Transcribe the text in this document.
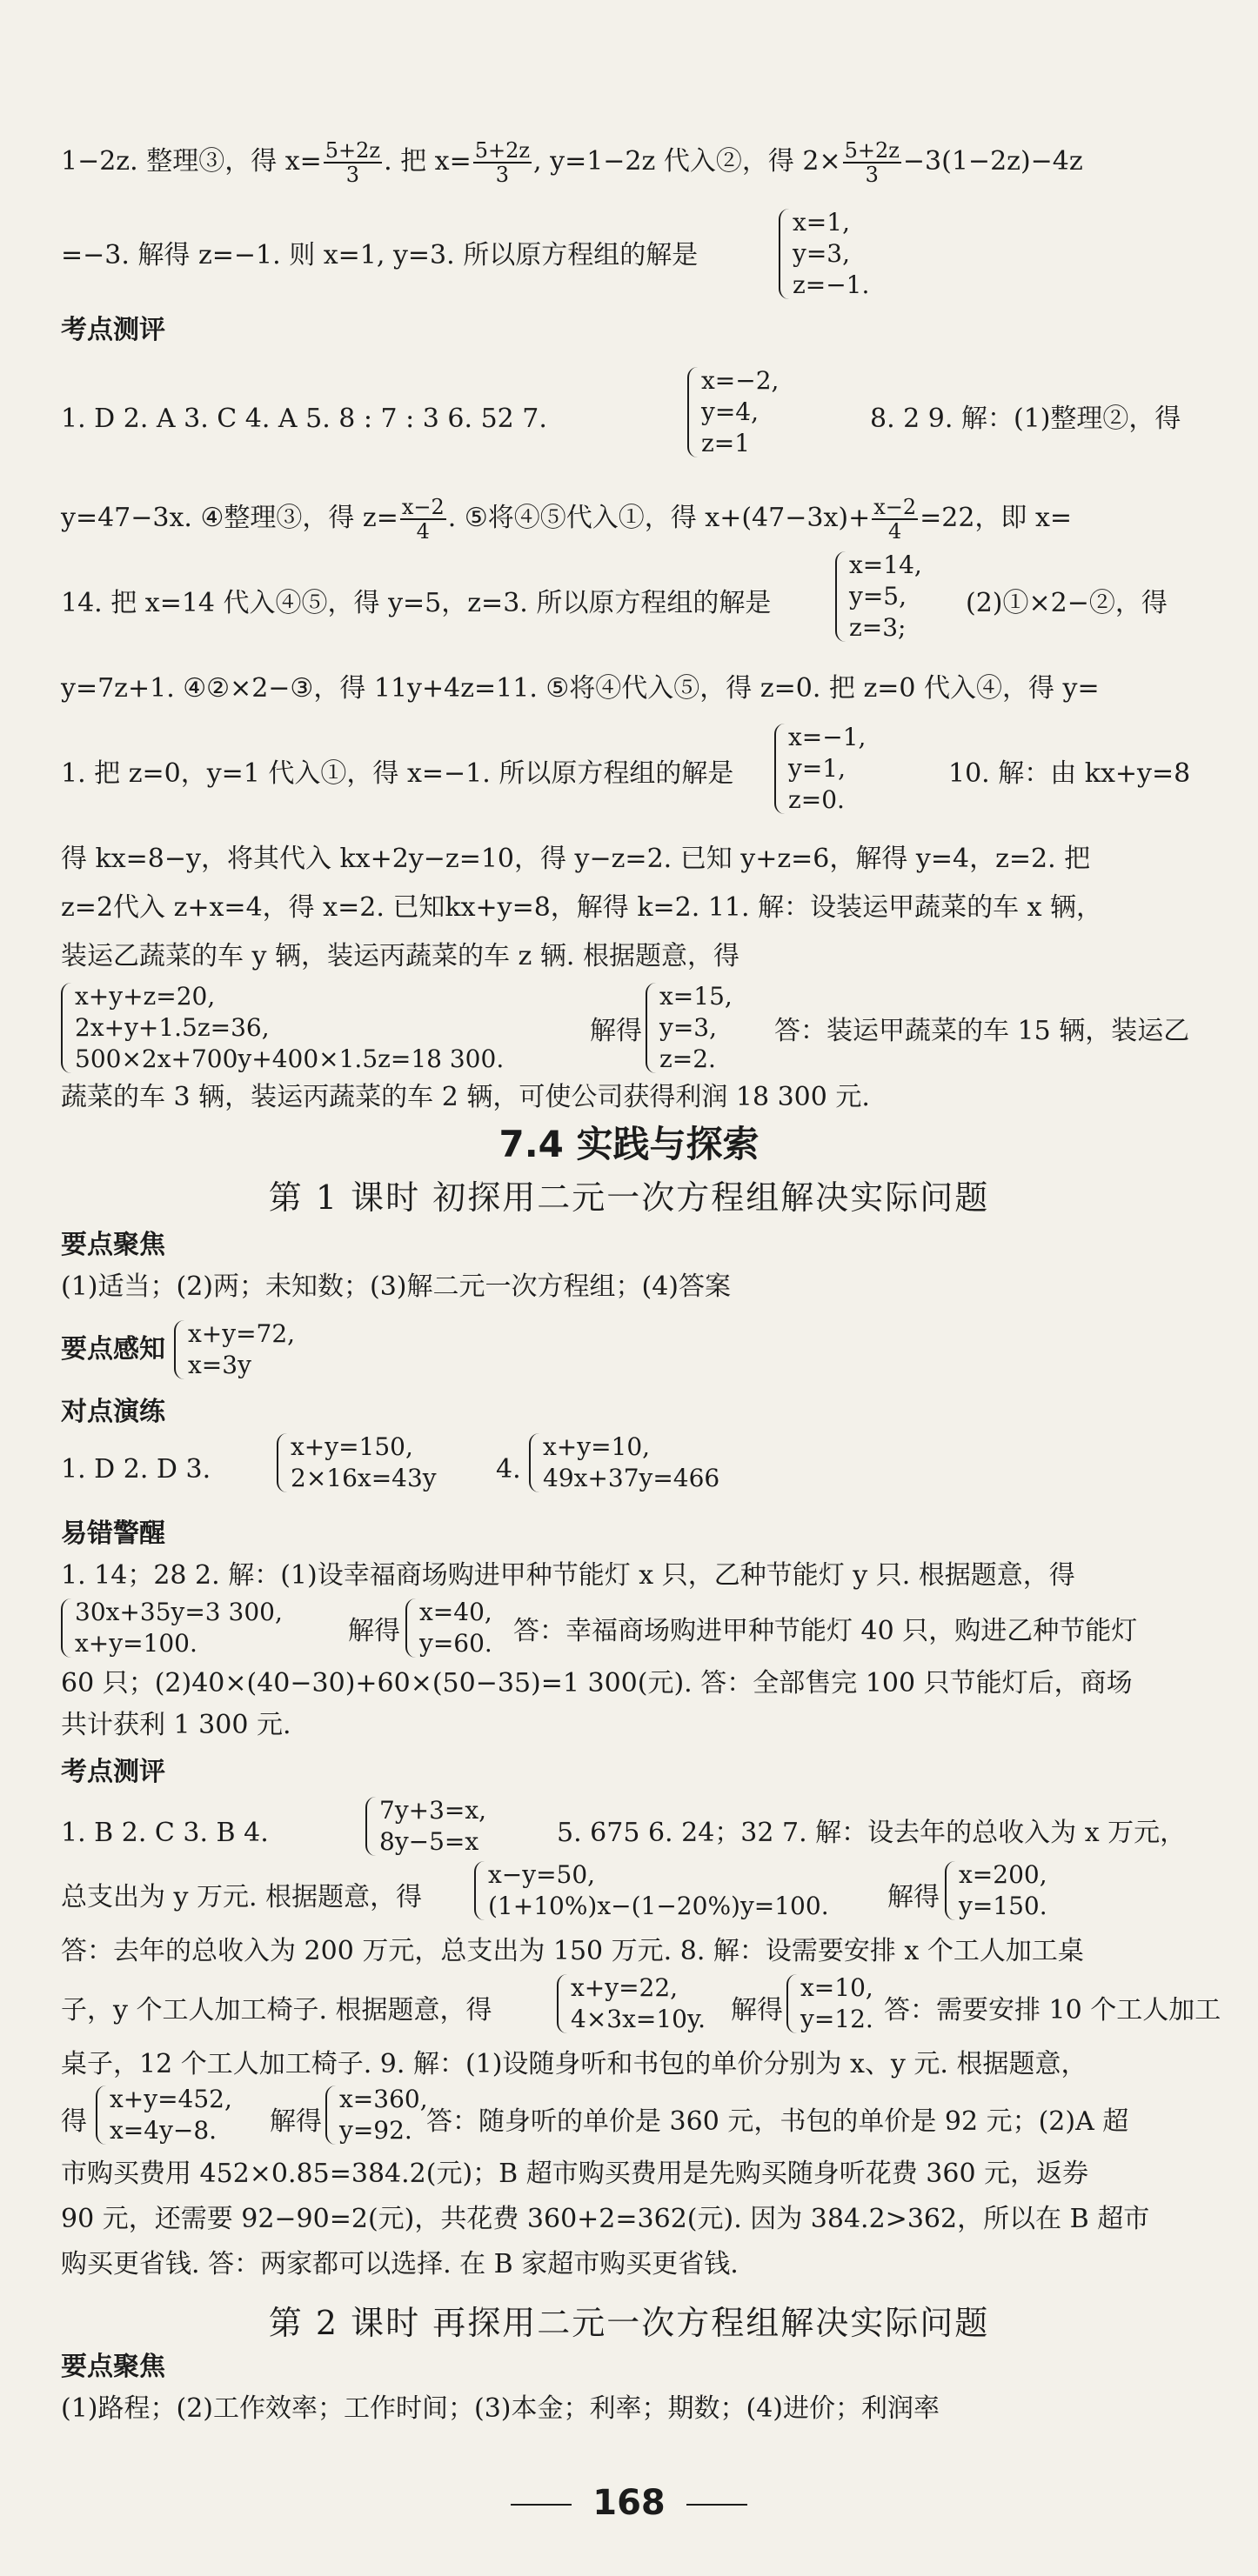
1−2z. 整理③，得 $x= \frac{5+2z}{3}$ . 把 $x= \frac{5+2z}{3}$ , y=1−2z 代入②，得 $2\times \frac{5+2z}{3} -3(1-2z)-4z$
=−3. 解得 z=−1. 则 x=1, y=3. 所以原方程组的解是
x=1,
y=3,
z=−1.
考点测评
1. D 2. A 3. C 4. A 5. 8 : 7 : 3 6. 52 7.
x=−2,
y=4,
z=1
8. 2 9. 解：(1)整理②，得
y=47−3x. ④整理③，得 $z= \frac{x-2}{4}$ . ⑤将④⑤代入①，得 $x+(47-3x)+ \frac{x-2}{4} =22$，即 x=
14. 把 x=14 代入④⑤，得 y=5，z=3. 所以原方程组的解是
x=14,
y=5,
z=3;
(2)①×2−②，得
y=7z+1. ④②×2−③，得 11y+4z=11. ⑤将④代入⑤，得 z=0. 把 z=0 代入④，得 y=
1. 把 z=0，y=1 代入①，得 x=−1. 所以原方程组的解是
x=−1,
y=1,
z=0.
10. 解：由 kx+y=8
得 kx=8−y，将其代入 kx+2y−z=10，得 y−z=2. 已知 y+z=6，解得 y=4，z=2. 把
z=2代入 z+x=4，得 x=2. 已知kx+y=8，解得 k=2. 11. 解：设装运甲蔬菜的车 x 辆，
装运乙蔬菜的车 y 辆，装运丙蔬菜的车 z 辆. 根据题意，得
x+y+z=20,
2x+y+1.5z=36,
500×2x+700y+400×1.5z=18 300.
解得
x=15,
y=3,
z=2.
答：装运甲蔬菜的车 15 辆，装运乙
蔬菜的车 3 辆，装运丙蔬菜的车 2 辆，可使公司获得利润 18 300 元.
7.4 实践与探索
第 1 课时 初探用二元一次方程组解决实际问题
要点聚焦
(1)适当；(2)两；未知数；(3)解二元一次方程组；(4)答案
要点感知
x+y=72,
x=3y
对点演练
1. D 2. D 3.
x+y=150,
2×16x=43y 4.
x+y=10,
49x+37y=466
易错警醒
1. 14；28 2. 解：(1)设幸福商场购进甲种节能灯 x 只，乙种节能灯 y 只. 根据题意，得
30x+35y=3 300,
x+y=100.	解得
x=40,
y=60. 答：幸福商场购进甲种节能灯 40 只，购进乙种节能灯
60 只；(2)40×(40−30)+60×(50−35)=1 300(元). 答：全部售完 100 只节能灯后，商场
共计获利 1 300 元.
考点测评
1. B 2. C 3. B 4.
7y+3=x,
8y−5=x	5. 675 6. 24；32 7. 解：设去年的总收入为 x 万元，
总支出为 y 万元. 根据题意，得
x−y=50,
(1+10%)x−(1−20%)y=100. 解得
x=200,
y=150.
答：去年的总收入为 200 万元，总支出为 150 万元. 8. 解：设需要安排 x 个工人加工桌
子，y 个工人加工椅子. 根据题意，得
x+y=22,
4×3x=10y. 解得
x=10,
y=12. 答：需要安排 10 个工人加工
桌子，12 个工人加工椅子. 9. 解：(1)设随身听和书包的单价分别为 x、y 元. 根据题意，
得
x+y=452,
x=4y−8.	解得
x=360,
y=92. 答：随身听的单价是 360 元，书包的单价是 92 元；(2)A 超
市购买费用 452×0.85=384.2(元)；B 超市购买费用是先购买随身听花费 360 元，返券
90 元，还需要 92−90=2(元)，共花费 360+2=362(元). 因为 384.2>362，所以在 B 超市
购买更省钱. 答：两家都可以选择. 在 B 家超市购买更省钱.
第 2 课时 再探用二元一次方程组解决实际问题
要点聚焦
(1)路程；(2)工作效率；工作时间；(3)本金；利率；期数；(4)进价；利润率
168
